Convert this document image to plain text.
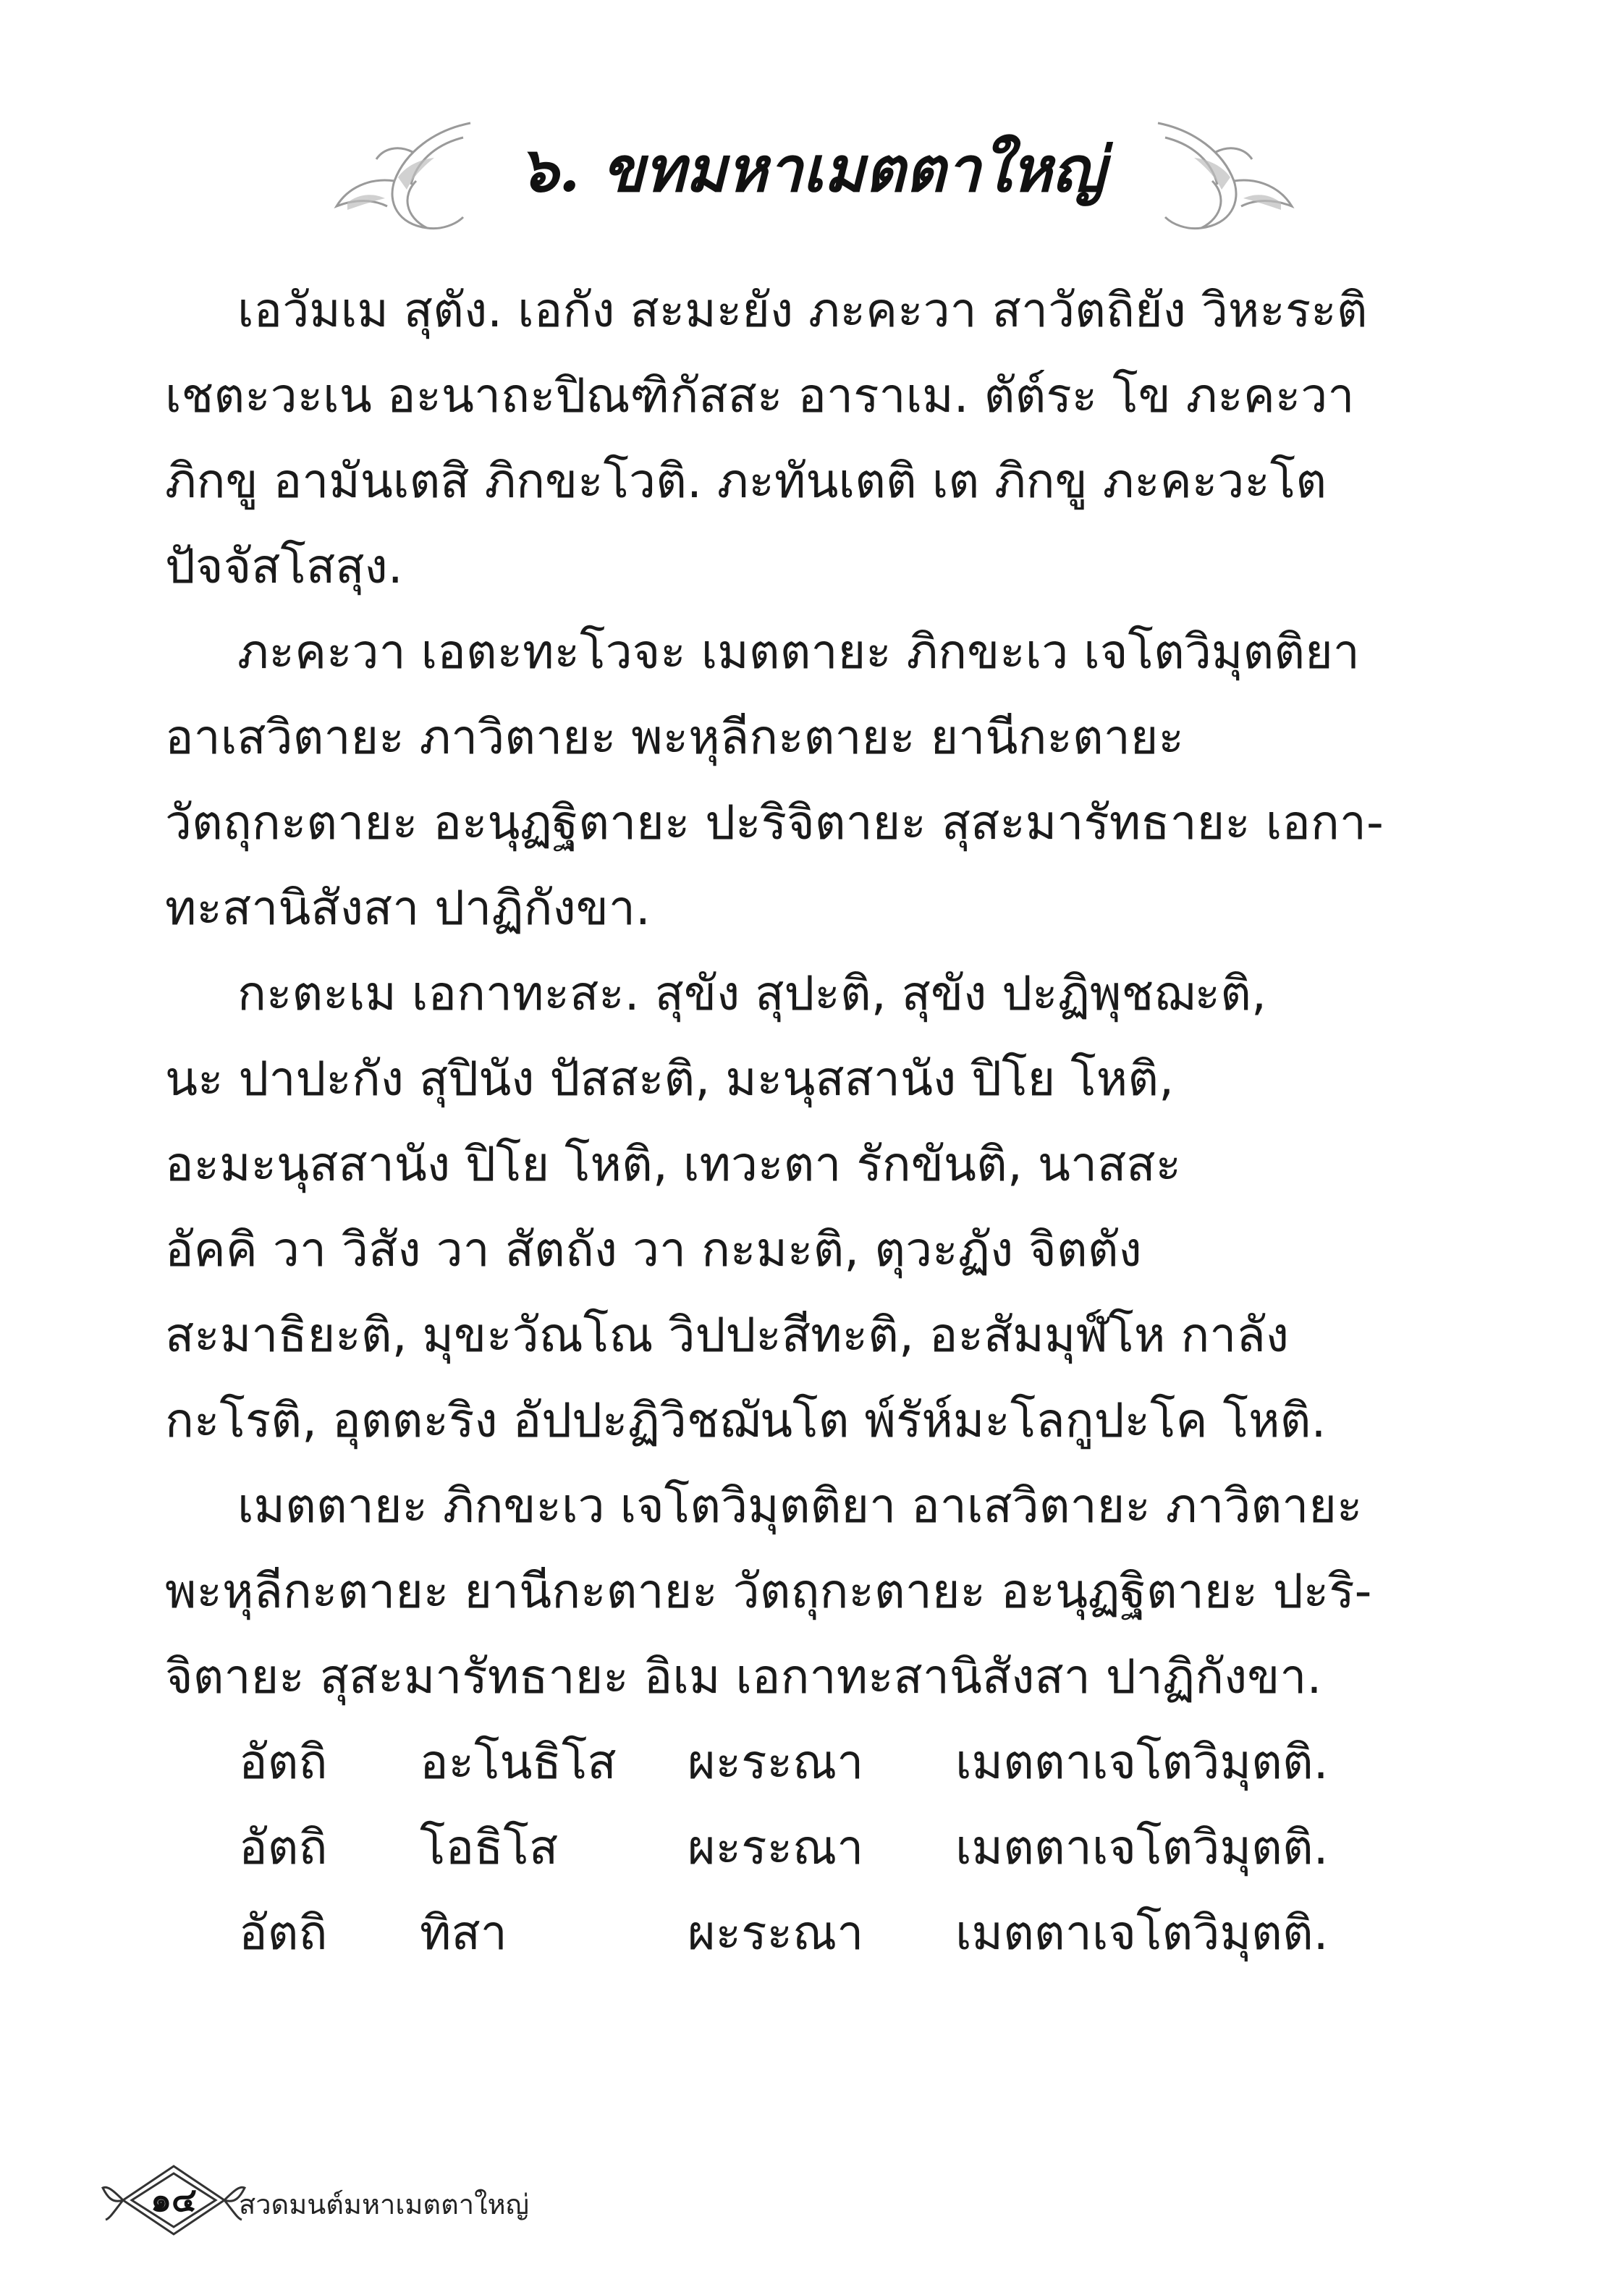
๖. ขทมหาเมตตาใหญ่
เอวัมเม สุตัง. เอกัง สะมะยัง ภะคะวา สาวัตถิยัง วิหะระติ
เชตะวะเน อะนาถะปิณฑิกัสสะ อาราเม. ตัต์ระ โข ภะคะวา
ภิกขู อามันเตสิ ภิกขะโวติ. ภะทันเตติ เต ภิกขู ภะคะวะโต
ปัจจัสโสสุง.
ภะคะวา เอตะทะโวจะ เมตตายะ ภิกขะเว เจโตวิมุตติยา
อาเสวิตายะ ภาวิตายะ พะหุลีกะตายะ ยานีกะตายะ
วัตถุกะตายะ อะนุฏฐิตายะ ปะริจิตายะ สุสะมารัทธายะ เอกา-
ทะสานิสังสา ปาฏิกังขา.
กะตะเม เอกาทะสะ. สุขัง สุปะติ, สุขัง ปะฏิพุชฌะติ,
นะ ปาปะกัง สุปินัง ปัสสะติ, มะนุสสานัง ปิโย โหติ,
อะมะนุสสานัง ปิโย โหติ, เทวะตา รักขันติ, นาสสะ
อัคคิ วา วิสัง วา สัตถัง วา กะมะติ, ตุวะฏัง จิตตัง
สะมาธิยะติ, มุขะวัณโณ วิปปะสีทะติ, อะสัมมุฬ์โห กาลัง
กะโรติ, อุตตะริง อัปปะฏิวิชฌันโต พ์รัห์มะโลกูปะโค โหติ.
เมตตายะ ภิกขะเว เจโตวิมุตติยา อาเสวิตายะ ภาวิตายะ
พะหุลีกะตายะ ยานีกะตายะ วัตถุกะตายะ อะนุฏฐิตายะ ปะริ-
จิตายะ สุสะมารัทธายะ อิเม เอกาทะสานิสังสา ปาฏิกังขา.
อัตถิ	อะโนธิโส	ผะระณา	เมตตาเจโตวิมุตติ.
อัตถิ	โอธิโส	ผะระณา	เมตตาเจโตวิมุตติ.
อัตถิ	ทิสา	ผะระณา	เมตตาเจโตวิมุตติ.
๑๔	สวดมนต์มหาเมตตาใหญ่
